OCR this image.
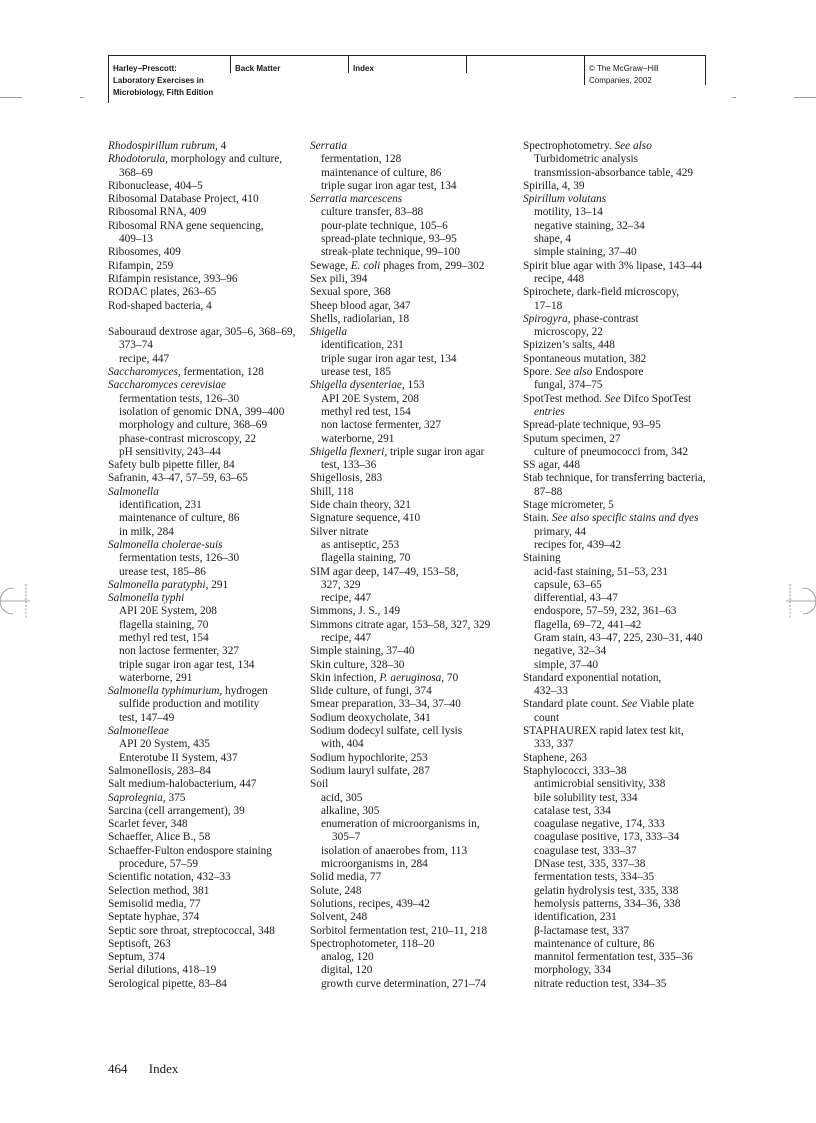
Harley−Prescott:
Laboratory Exercises in
Microbiology, Fifth Edition
Back Matter	Index	© The McGraw−Hill
Companies, 2002
Rhodospirillum rubrum, 4
Rhodotorula, morphology and culture,
368–69
Ribonuclease, 404–5
Ribosomal Database Project, 410
Ribosomal RNA, 409
Ribosomal RNA gene sequencing,
409–13
Ribosomes, 409
Rifampin, 259
Rifampin resistance, 393–96
RODAC plates, 263–65
Rod-shaped bacteria, 4
Sabouraud dextrose agar, 305–6, 368–69,
373–74
recipe, 447
Saccharomyces, fermentation, 128
Saccharomyces cerevisiae
fermentation tests, 126–30
isolation of genomic DNA, 399–400
morphology and culture, 368–69
phase-contrast microscopy, 22
pH sensitivity, 243–44
Safety bulb pipette filler, 84
Safranin, 43–47, 57–59, 63–65
Salmonella
identification, 231
maintenance of culture, 86
in milk, 284
Salmonella cholerae-suis
fermentation tests, 126–30
urease test, 185–86
Salmonella paratyphi, 291
Salmonella typhi
API 20E System, 208
flagella staining, 70
methyl red test, 154
non lactose fermenter, 327
triple sugar iron agar test, 134
waterborne, 291
Salmonella typhimurium, hydrogen
sulfide production and motility
test, 147–49
Salmonelleae
API 20 System, 435
Enterotube II System, 437
Salmonellosis, 283–84
Salt medium-halobacterium, 447
Saprolegnia, 375
Sarcina (cell arrangement), 39
Scarlet fever, 348
Schaeffer, Alice B., 58
Schaeffer-Fulton endospore staining
procedure, 57–59
Scientific notation, 432–33
Selection method, 381
Semisolid media, 77
Septate hyphae, 374
Septic sore throat, streptococcal, 348
Septisoft, 263
Septum, 374
Serial dilutions, 418–19
Serological pipette, 83–84
Serratia
fermentation, 128
maintenance of culture, 86
triple sugar iron agar test, 134
Serratia marcescens
culture transfer, 83–88
pour-plate technique, 105–6
spread-plate technique, 93–95
streak-plate technique, 99–100
Sewage, E. coli phages from, 299–302
Sex pili, 394
Sexual spore, 368
Sheep blood agar, 347
Shells, radiolarian, 18
Shigella
identification, 231
triple sugar iron agar test, 134
urease test, 185
Shigella dysenteriae, 153
API 20E System, 208
methyl red test, 154
non lactose fermenter, 327
waterborne, 291
Shigella flexneri, triple sugar iron agar
test, 133–36
Shigellosis, 283
Shill, 118
Side chain theory, 321
Signature sequence, 410
Silver nitrate
as antiseptic, 253
flagella staining, 70
SIM agar deep, 147–49, 153–58,
327, 329
recipe, 447
Simmons, J. S., 149
Simmons citrate agar, 153–58, 327, 329
recipe, 447
Simple staining, 37–40
Skin culture, 328–30
Skin infection, P. aeruginosa, 70
Slide culture, of fungi, 374
Smear preparation, 33–34, 37–40
Sodium deoxycholate, 341
Sodium dodecyl sulfate, cell lysis
with, 404
Sodium hypochlorite, 253
Sodium lauryl sulfate, 287
Soil
acid, 305
alkaline, 305
enumeration of microorganisms in,
305–7
isolation of anaerobes from, 113
microorganisms in, 284
Solid media, 77
Solute, 248
Solutions, recipes, 439–42
Solvent, 248
Sorbitol fermentation test, 210–11, 218
Spectrophotometer, 118–20
analog, 120
digital, 120
growth curve determination, 271–74
Spectrophotometry. See also
Turbidometric analysis
transmission-absorbance table, 429
Spirilla, 4, 39
Spirillum volutans
motility, 13–14
negative staining, 32–34
shape, 4
simple staining, 37–40
Spirit blue agar with 3% lipase, 143–44
recipe, 448
Spirochete, dark-field microscopy,
17–18
Spirogyra, phase-contrast
microscopy, 22
Spizizen’s salts, 448
Spontaneous mutation, 382
Spore. See also Endospore
fungal, 374–75
SpotTest method. See Difco SpotTest
entries
Spread-plate technique, 93–95
Sputum specimen, 27
culture of pneumococci from, 342
SS agar, 448
Stab technique, for transferring bacteria,
87–88
Stage micrometer, 5
Stain. See also specific stains and dyes
primary, 44
recipes for, 439–42
Staining
acid-fast staining, 51–53, 231
capsule, 63–65
differential, 43–47
endospore, 57–59, 232, 361–63
flagella, 69–72, 441–42
Gram stain, 43–47, 225, 230–31, 440
negative, 32–34
simple, 37–40
Standard exponential notation,
432–33
Standard plate count. See Viable plate
count
STAPHAUREX rapid latex test kit,
333, 337
Staphene, 263
Staphylococci, 333–38
antimicrobial sensitivity, 338
bile solubility test, 334
catalase test, 334
coagulase negative, 174, 333
coagulase positive, 173, 333–34
coagulase test, 333–37
DNase test, 335, 337–38
fermentation tests, 334–35
gelatin hydrolysis test, 335, 338
hemolysis patterns, 334–36, 338
identification, 231
β-lactamase test, 337
maintenance of culture, 86
mannitol fermentation test, 335–36
morphology, 334
nitrate reduction test, 334–35
464 Index
